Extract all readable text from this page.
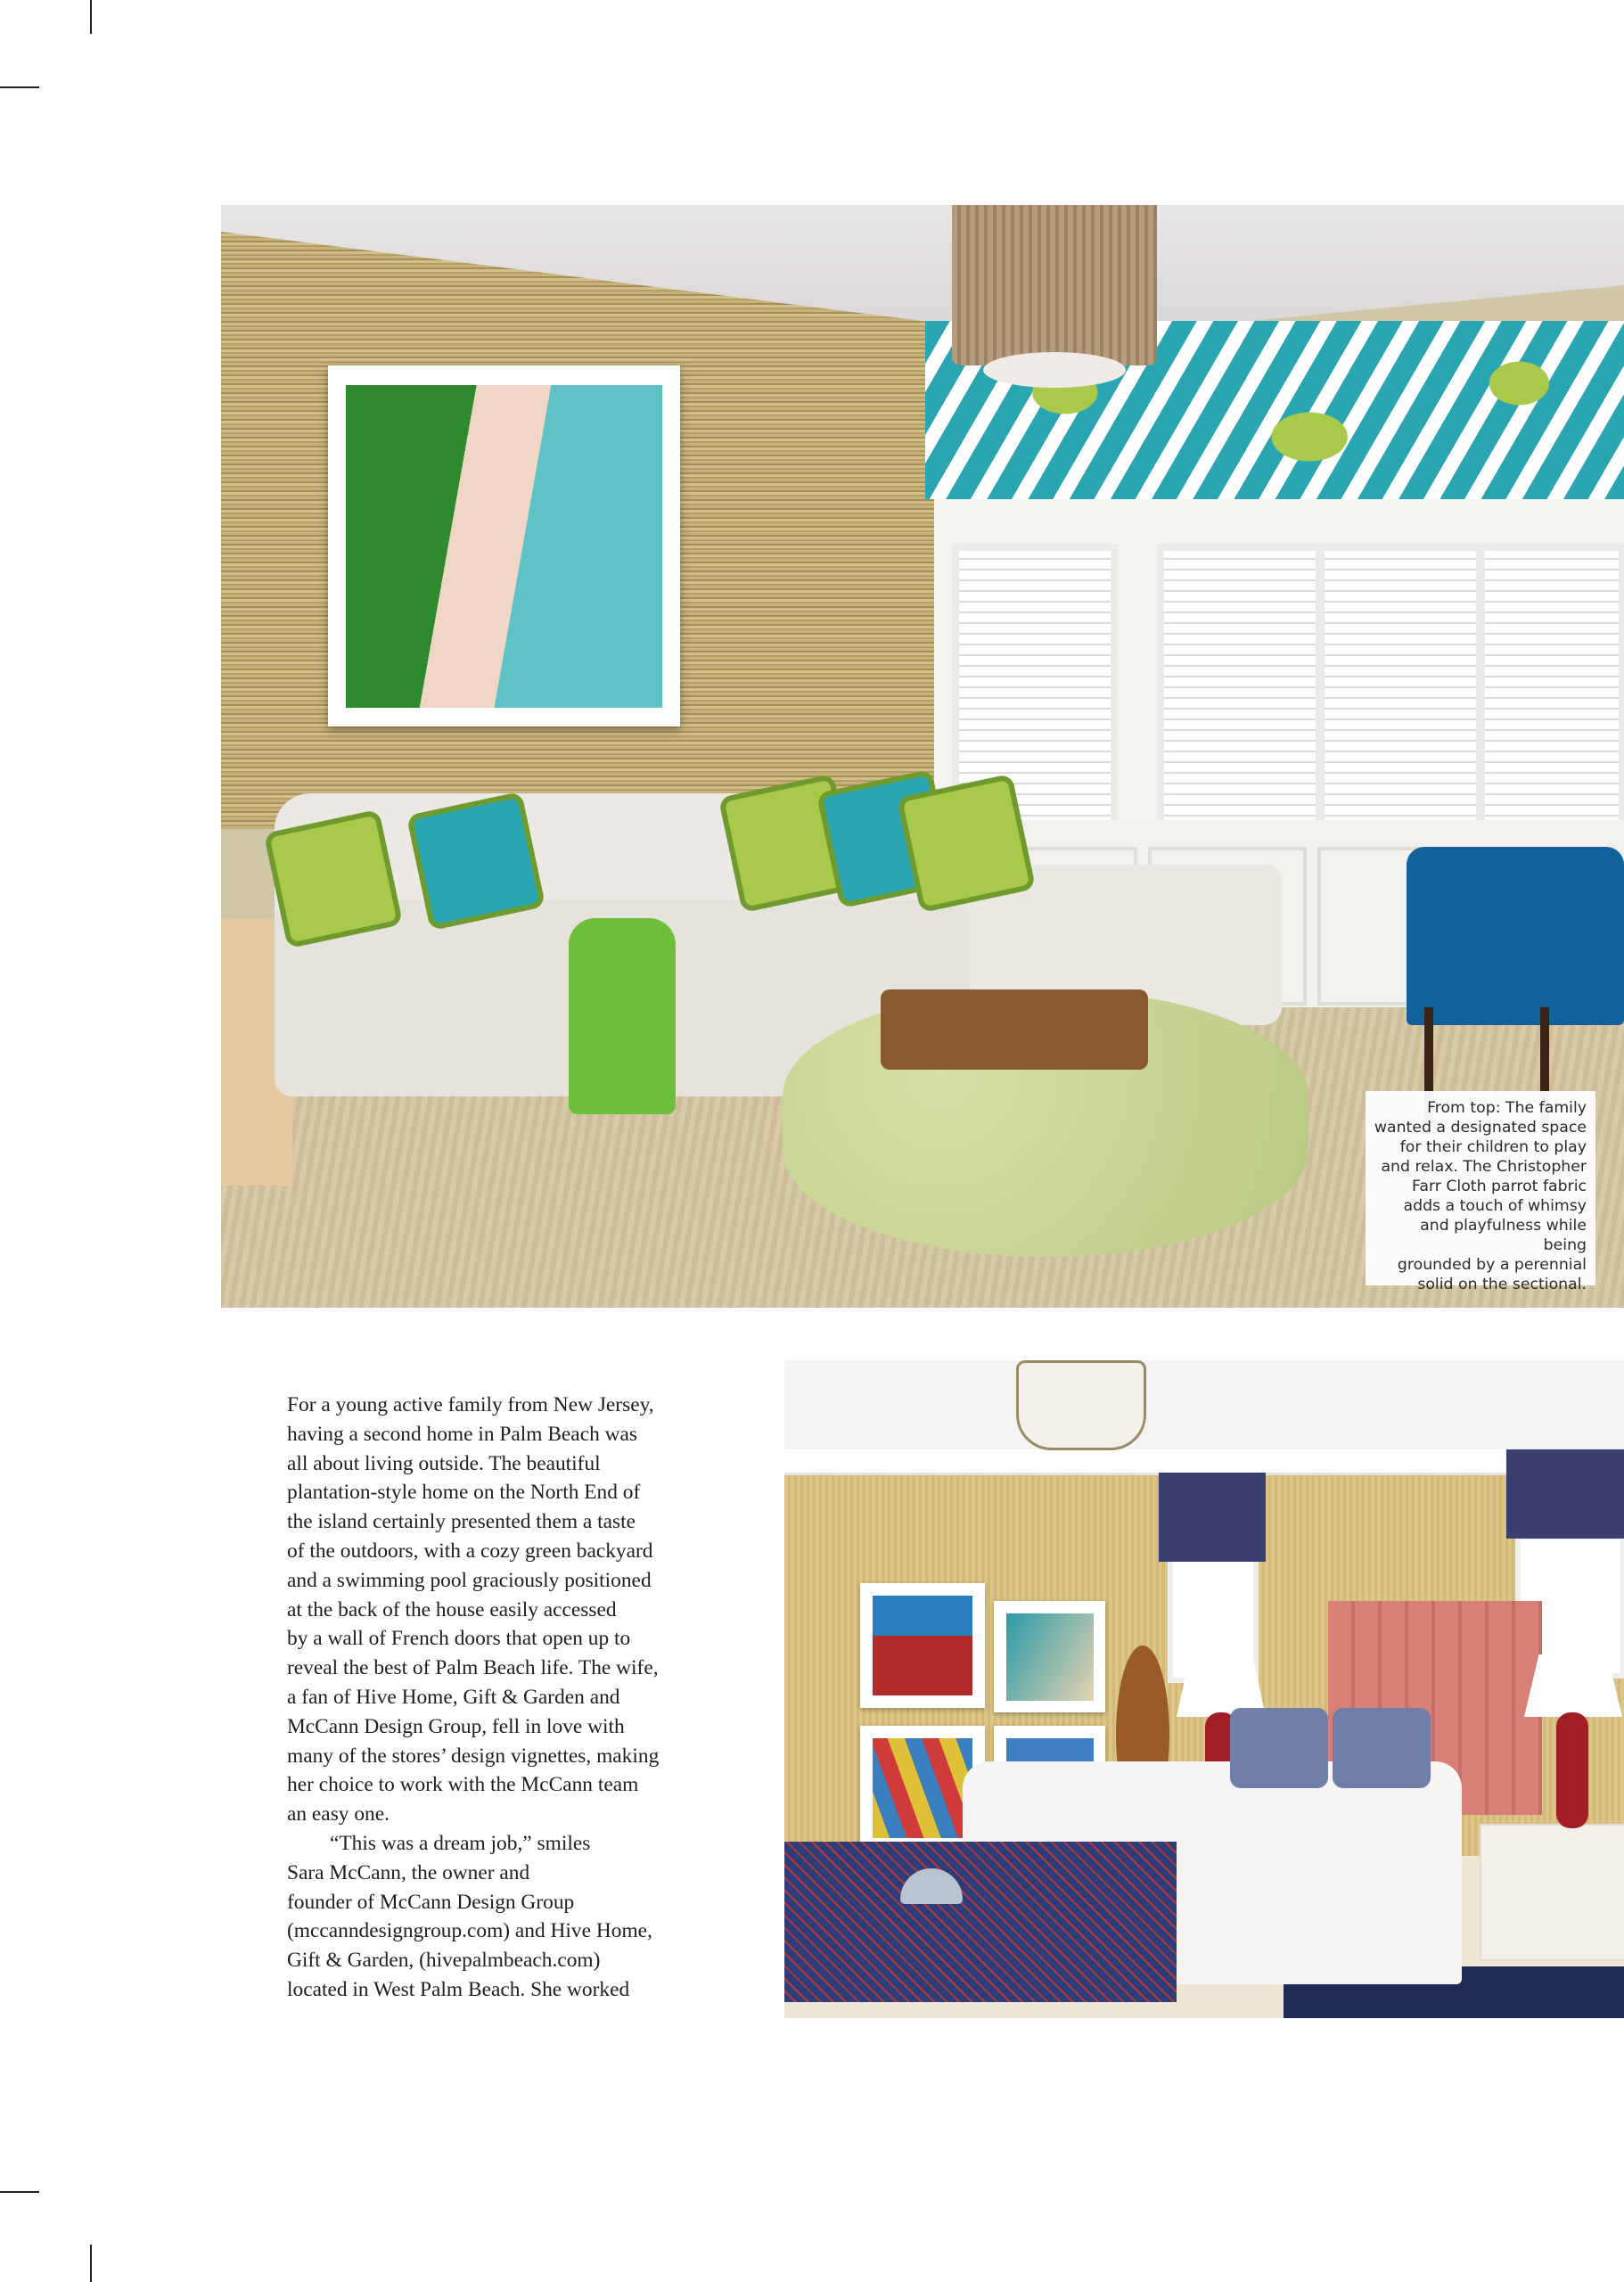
From top: The family
wanted a designated space
for their children to play
and relax. The Christopher
Farr Cloth parrot fabric
adds a touch of whimsy
and playfulness while being
grounded by a perennial
solid on the sectional.

For a young active family from New Jersey,
having a second home in Palm Beach was
all about living outside. The beautiful
plantation-style home on the North End of
the island certainly presented them a taste
of the outdoors, with a cozy green backyard
and a swimming pool graciously positioned
at the back of the house easily accessed
by a wall of French doors that open up to
reveal the best of Palm Beach life. The wife,
a fan of Hive Home, Gift & Garden and
McCann Design Group, fell in love with
many of the stores’ design vignettes, making
her choice to work with the McCann team
an easy one.

“This was a dream job,” smiles
Sara McCann, the owner and
founder of McCann Design Group
(mccanndesigngroup.com) and Hive Home,
Gift & Garden, (hivepalmbeach.com)
located in West Palm Beach. She worked
